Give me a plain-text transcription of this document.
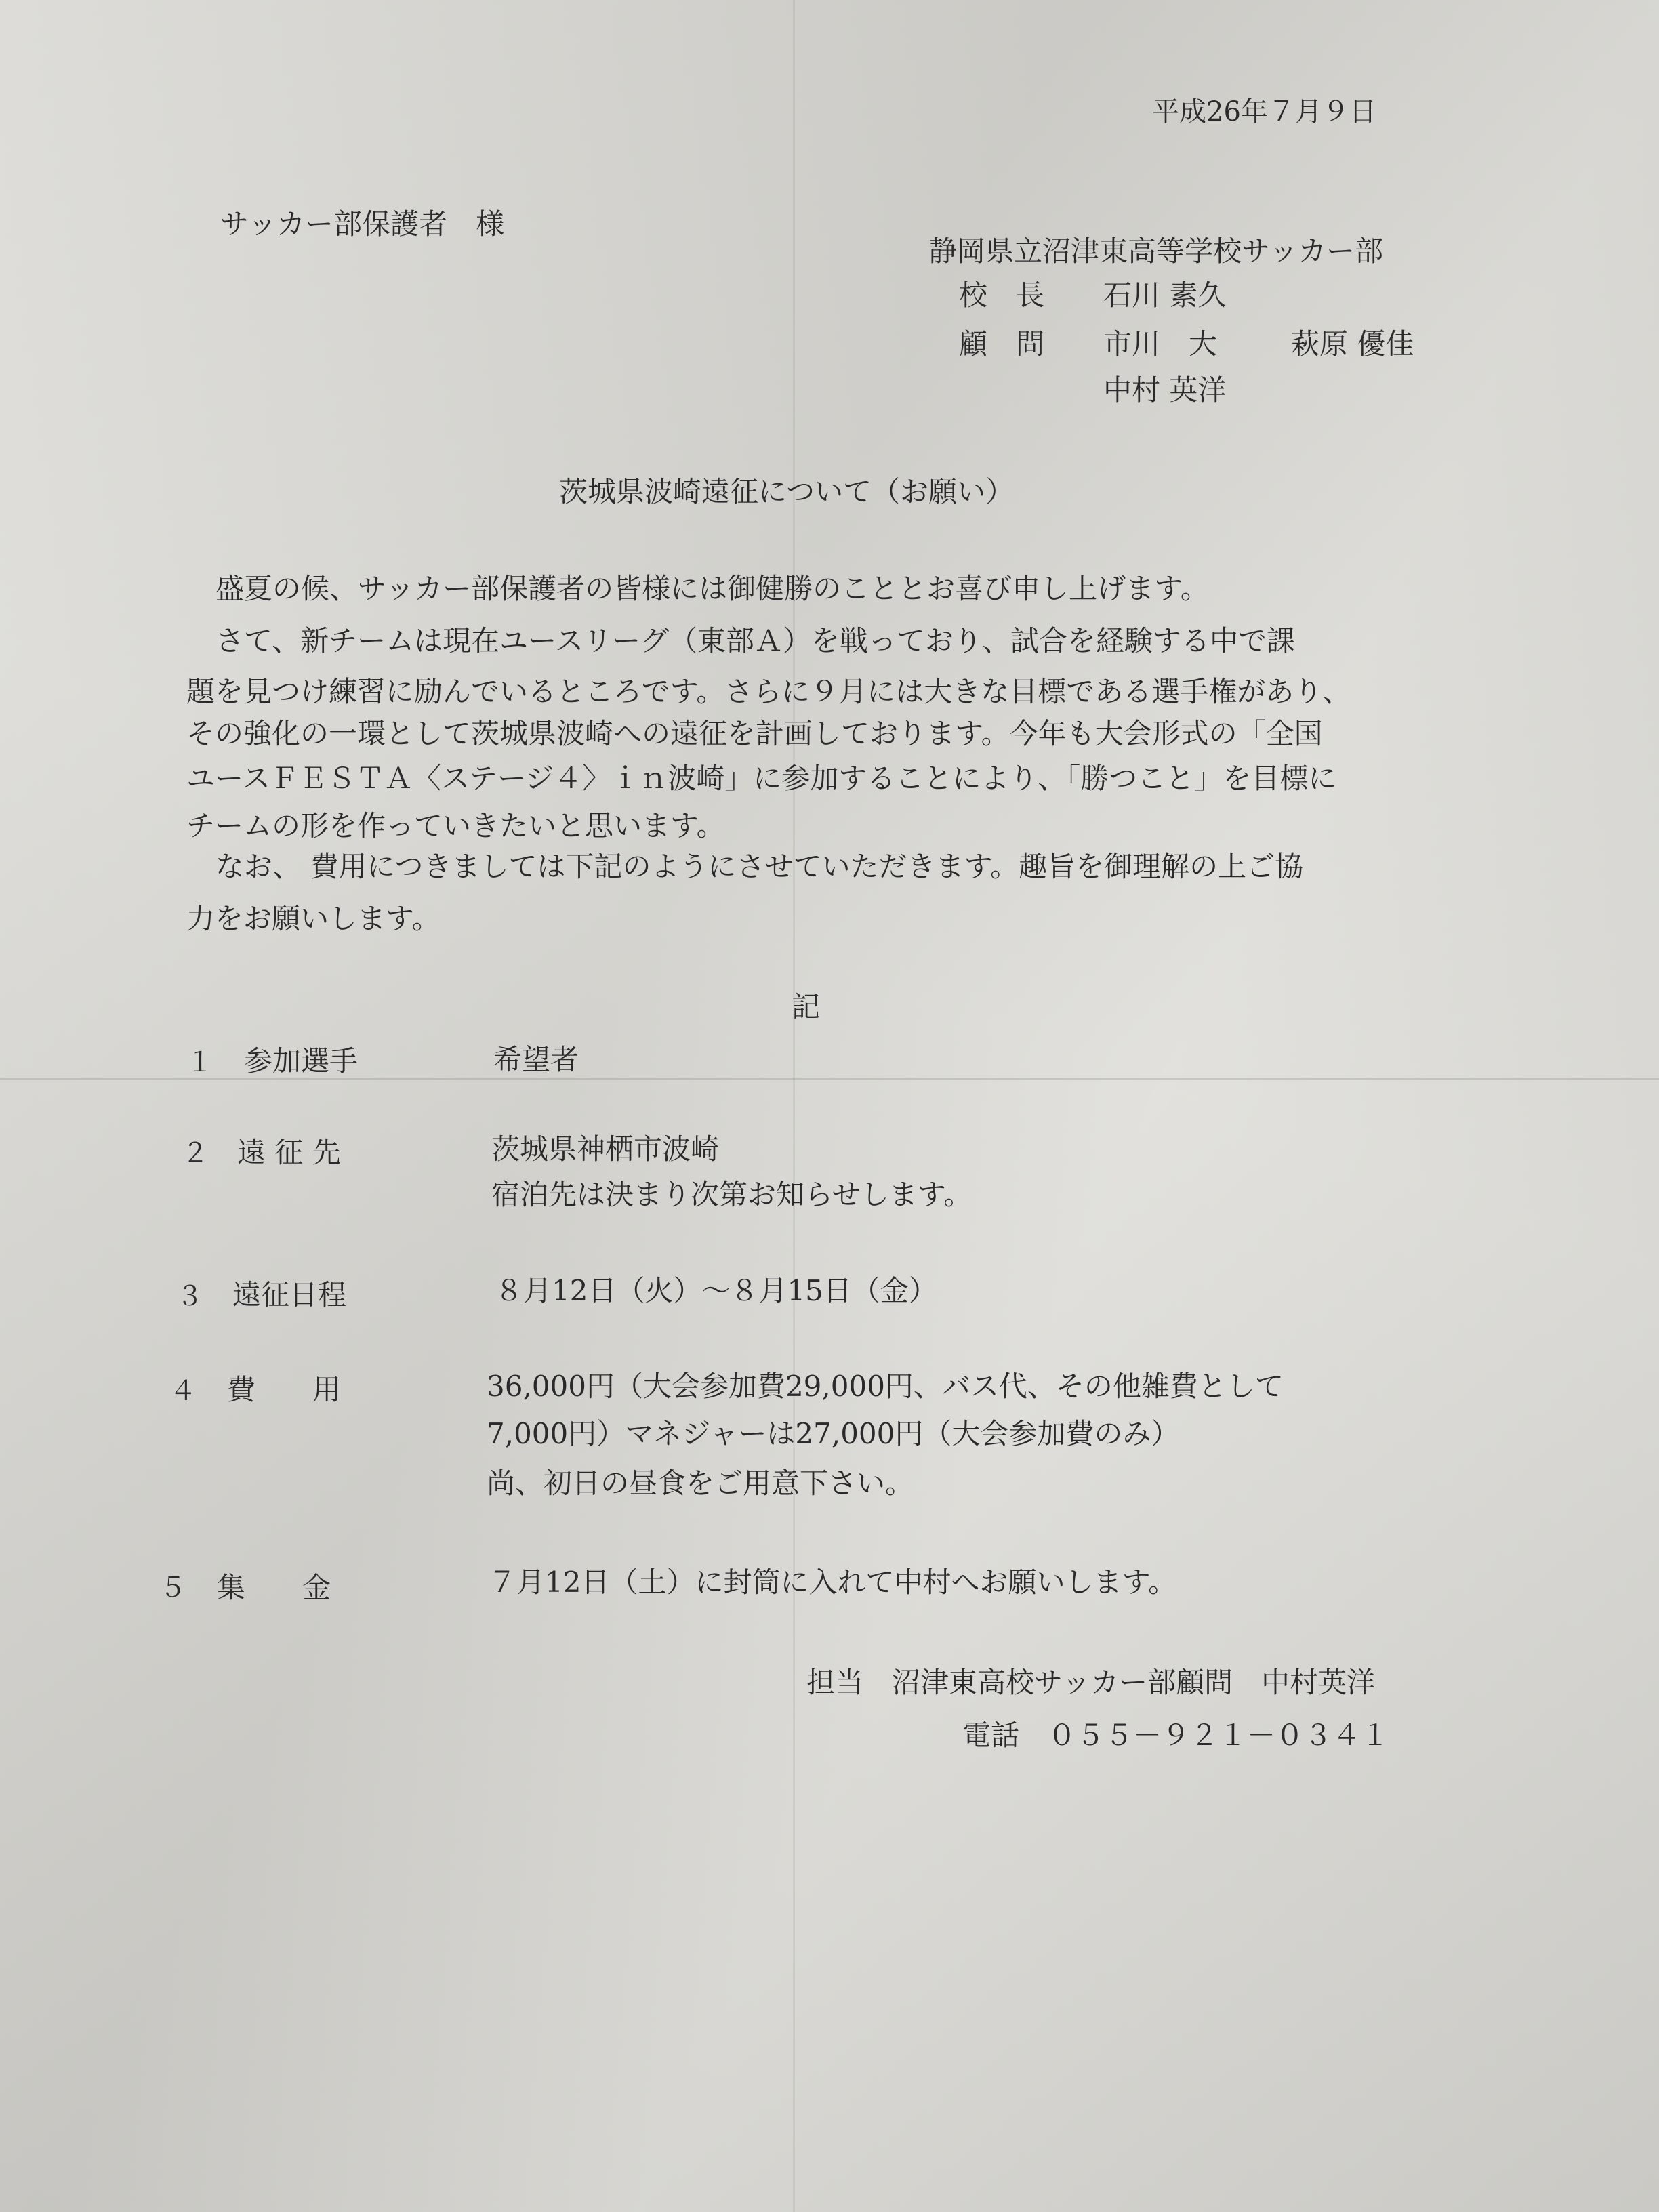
平成26年７月９日
サッカー部保護者　様
静岡県立沼津東高等学校サッカー部
校　長 石川 素久
顧　問 市川　大	萩原 優佳
中村 英洋
茨城県波崎遠征について（お願い）
盛夏の候、サッカー部保護者の皆様には御健勝のこととお喜び申し上げます。
さて、新チームは現在ユースリーグ（東部Ａ）を戦っており、試合を経験する中で課
題を見つけ練習に励んでいるところです。さらに９月には大きな目標である選手権があり、
その強化の一環として茨城県波崎への遠征を計画しております。今年も大会形式の「全国
ユースＦＥＳＴＡ〈ステージ４〉ｉｎ波崎」に参加することにより、「勝つこと」を目標に
チームの形を作っていきたいと思います。
なお、 費用につきましては下記のようにさせていただきます。趣旨を御理解の上ご協
力をお願いします。
記
１ 参加選手	希望者
２ 遠 征 先	茨城県神栖市波崎
宿泊先は決まり次第お知らせします。
３ 遠征日程	８月12日（火）～８月15日（金）
４ 費　　用	36,000円（大会参加費29,000円、バス代、その他雑費として
7,000円）マネジャーは27,000円（大会参加費のみ）
尚、初日の昼食をご用意下さい。
５ 集　　金	７月12日（土）に封筒に入れて中村へお願いします。
担当　沼津東高校サッカー部顧問　中村英洋
電話　０５５－９２１－０３４１
